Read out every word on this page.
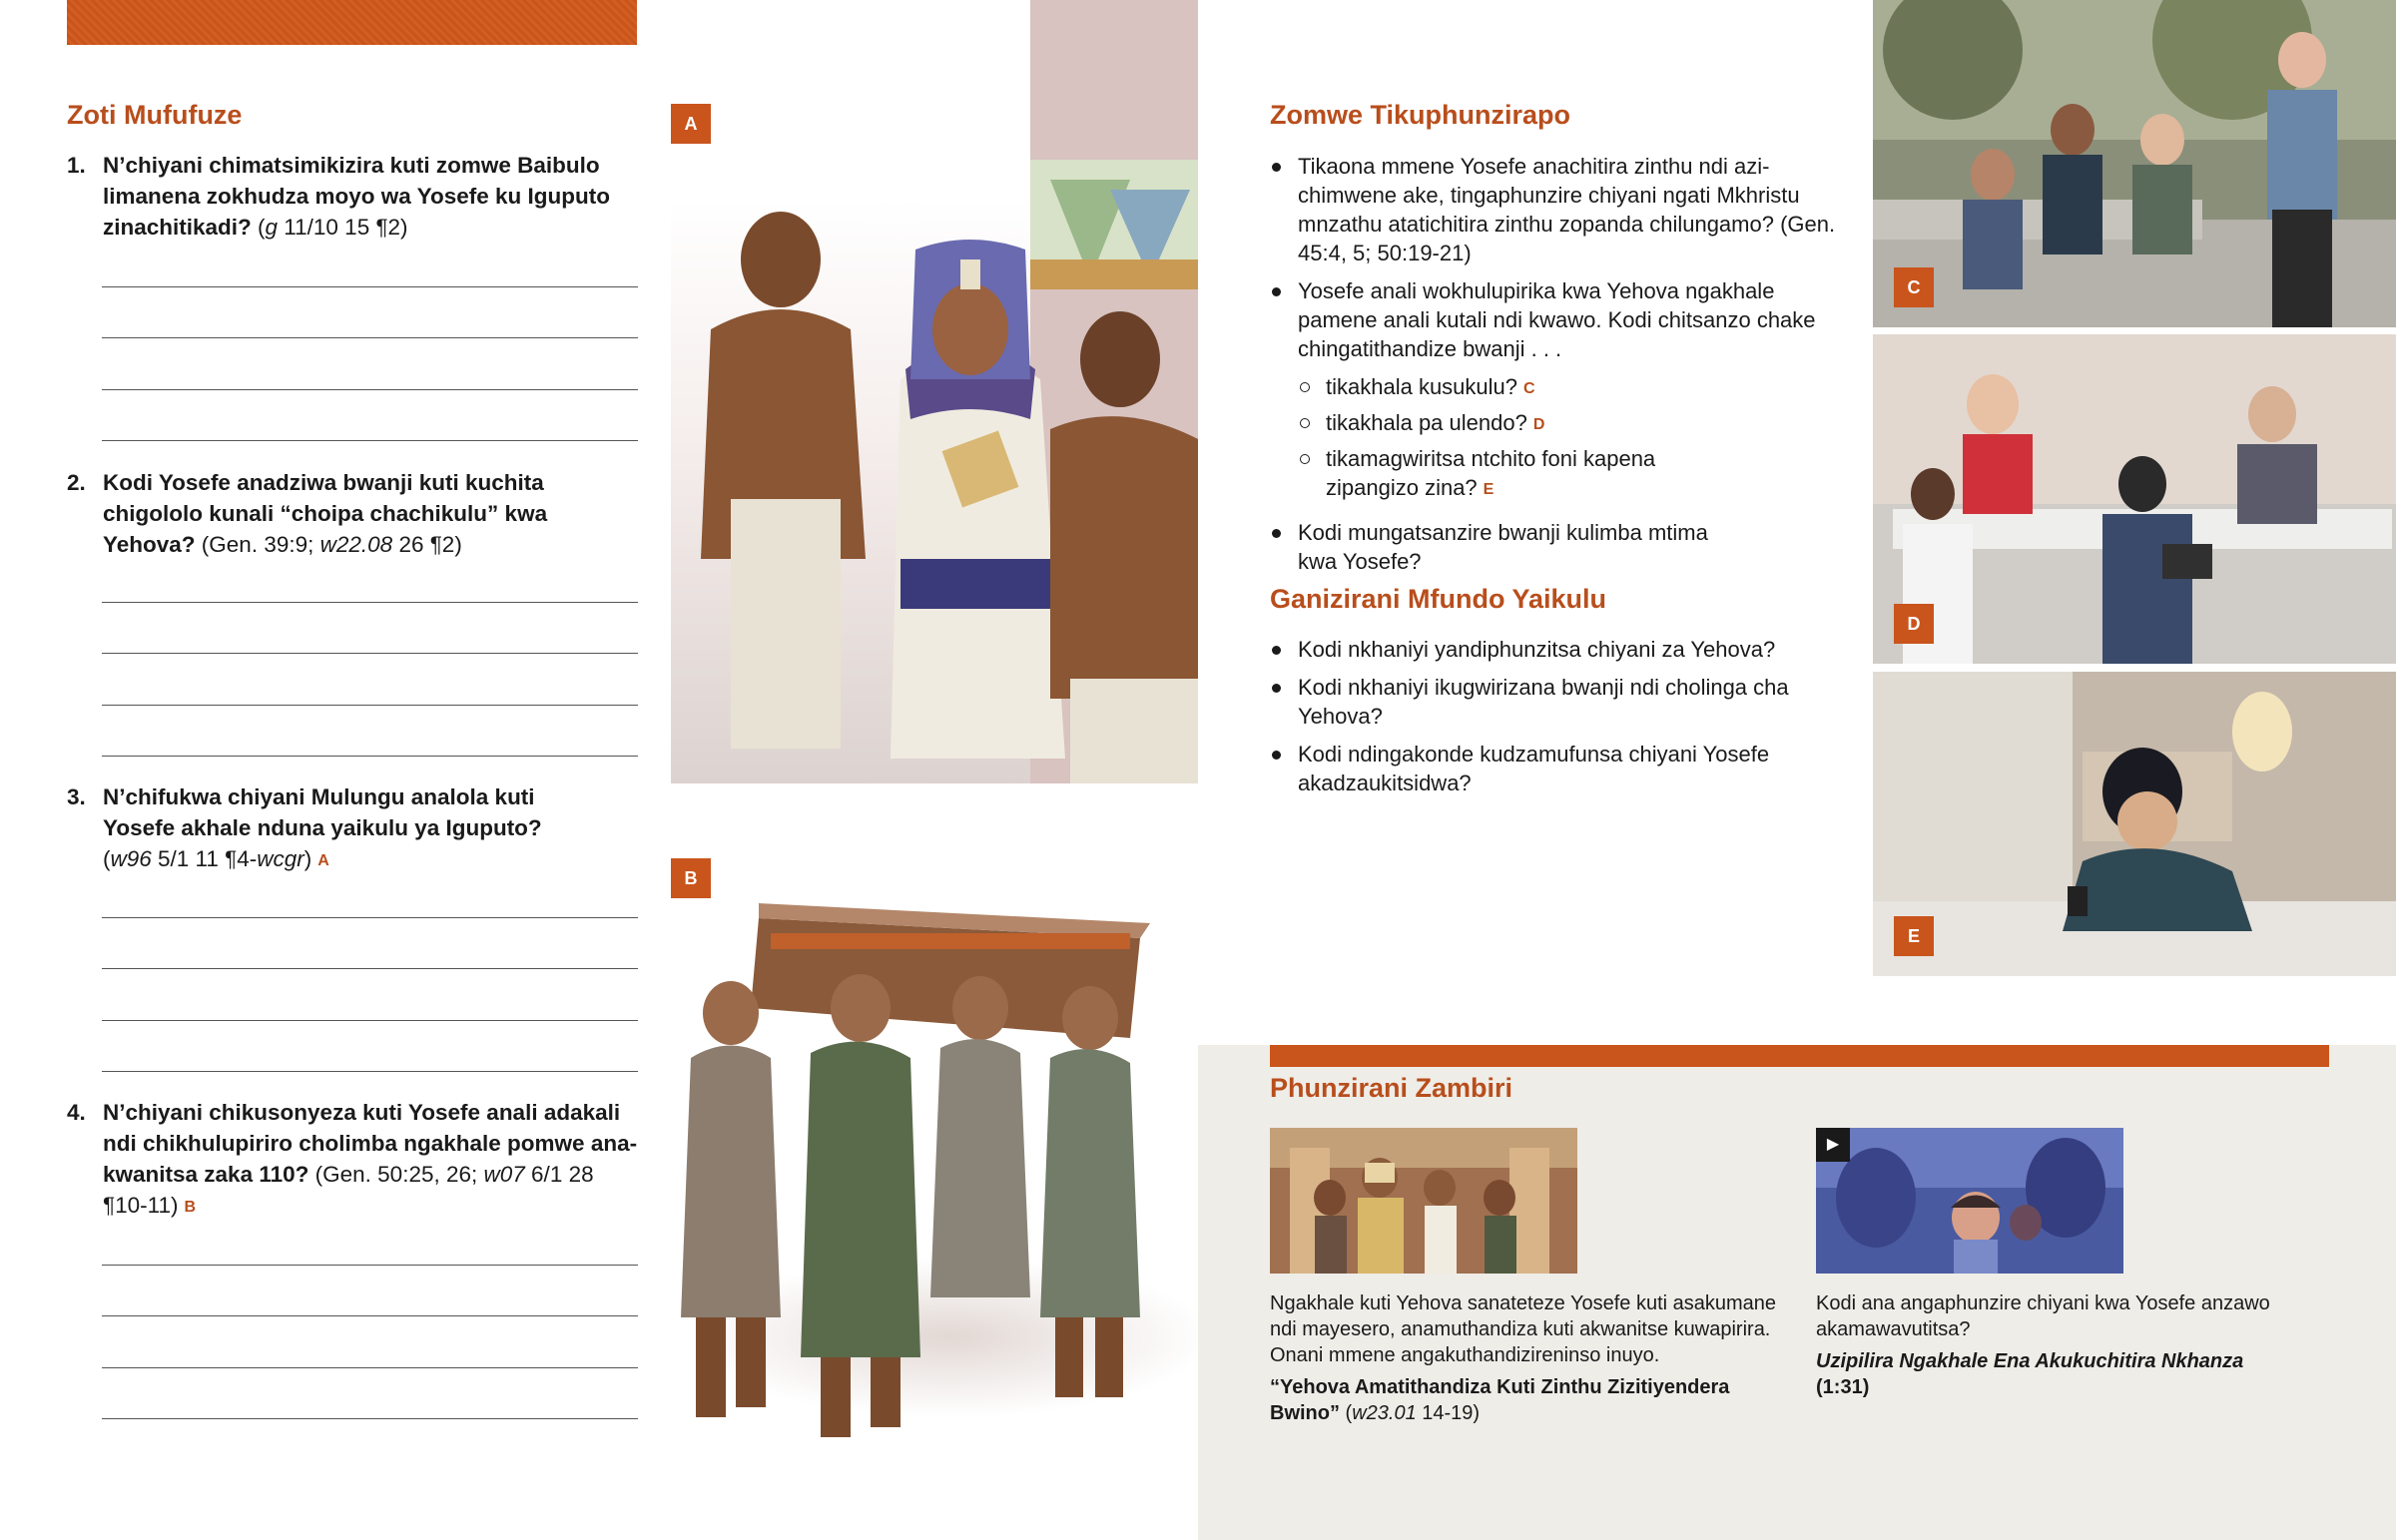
Zoti Mufufuze
1. N’chiyani chimatsimikizira kuti zomwe Baibulo limanena zokhudza moyo wa Yosefe ku Iguputo zinachitikadi? (g 11/10 15 ¶2)
2. Kodi Yosefe anadziwa bwanji kuti kuchita chigololo kunali “choipa chachikulu” kwa Yehova? (Gen. 39:9; w22.08 26 ¶2)
3. N’chifukwa chiyani Mulungu analola kuti Yosefe akhale nduna yaikulu ya Iguputo? (w96 5/1 11 ¶4-wcgr) A
4. N’chiyani chikusonyeza kuti Yosefe anali adakali ndi chikhulupiriro cholimba ngakhale pomwe anakwanitsa zaka 110? (Gen. 50:25, 26; w07 6/1 28 ¶10-11) B
A
B
Zomwe Tikuphunzirapo
Tikaona mmene Yosefe anachitira zinthu ndi azichimwene ake, tingaphunzire chiyani ngati Mkhristu mnzathu atatichitira zinthu zopanda chilungamo? (Gen. 45:4, 5; 50:19-21)
Yosefe anali wokhulupirika kwa Yehova ngakhale pamene anali kutali ndi kwawo. Kodi chitsanzo chake chingatithandize bwanji . . .
tikakhala kusukulu? C
tikakhala pa ulendo? D
tikamagwiritsa ntchito foni kapena zipangizo zina? E
Kodi mungatsanzire bwanji kulimba mtima kwa Yosefe?
Ganizirani Mfundo Yaikulu
Kodi nkhaniyi yandiphunzitsa chiyani za Yehova?
Kodi nkhaniyi ikugwirizana bwanji ndi cholinga cha Yehova?
Kodi ndingakonde kudzamufunsa chiyani Yosefe akadzaukitsidwa?
C
D
E
Phunzirani Zambiri
▶
Ngakhale kuti Yehova sanateteze Yosefe kuti asakumane ndi mayesero, anamuthandiza kuti akwanitse kuwapirira. Onani mmene angakuthandizireninso inuyo.
“Yehova Amatithandiza Kuti Zinthu Zizitiyendera Bwino” (w23.01 14-19)
Kodi ana angaphunzire chiyani kwa Yosefe anzawo akamawavutitsa?
Uzipilira Ngakhale Ena Akukuchitira Nkhanza
(1:31)
